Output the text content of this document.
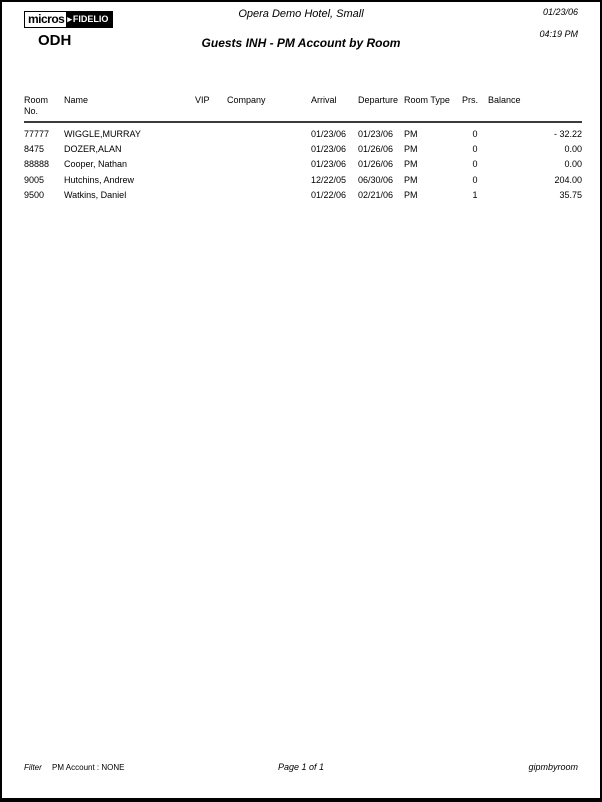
micros ▸ FIDELIO
ODH
Opera Demo Hotel, Small
Guests INH - PM Account by Room
01/23/06
04:19 PM
Room No.	Name	VIP	Company	Arrival	Departure	Room Type	Prs.	Balance
77777	WIGGLE,MURRAY			01/23/06	01/23/06	PM	0	- 32.22
8475	DOZER,ALAN			01/23/06	01/26/06	PM	0	0.00
88888	Cooper, Nathan			01/23/06	01/26/06	PM	0	0.00
9005	Hutchins, Andrew			12/22/05	06/30/06	PM	0	204.00
9500	Watkins, Daniel			01/22/06	02/21/06	PM	1	35.75
Filter PM Account : NONE	Page 1 of 1	gipmbyroom
